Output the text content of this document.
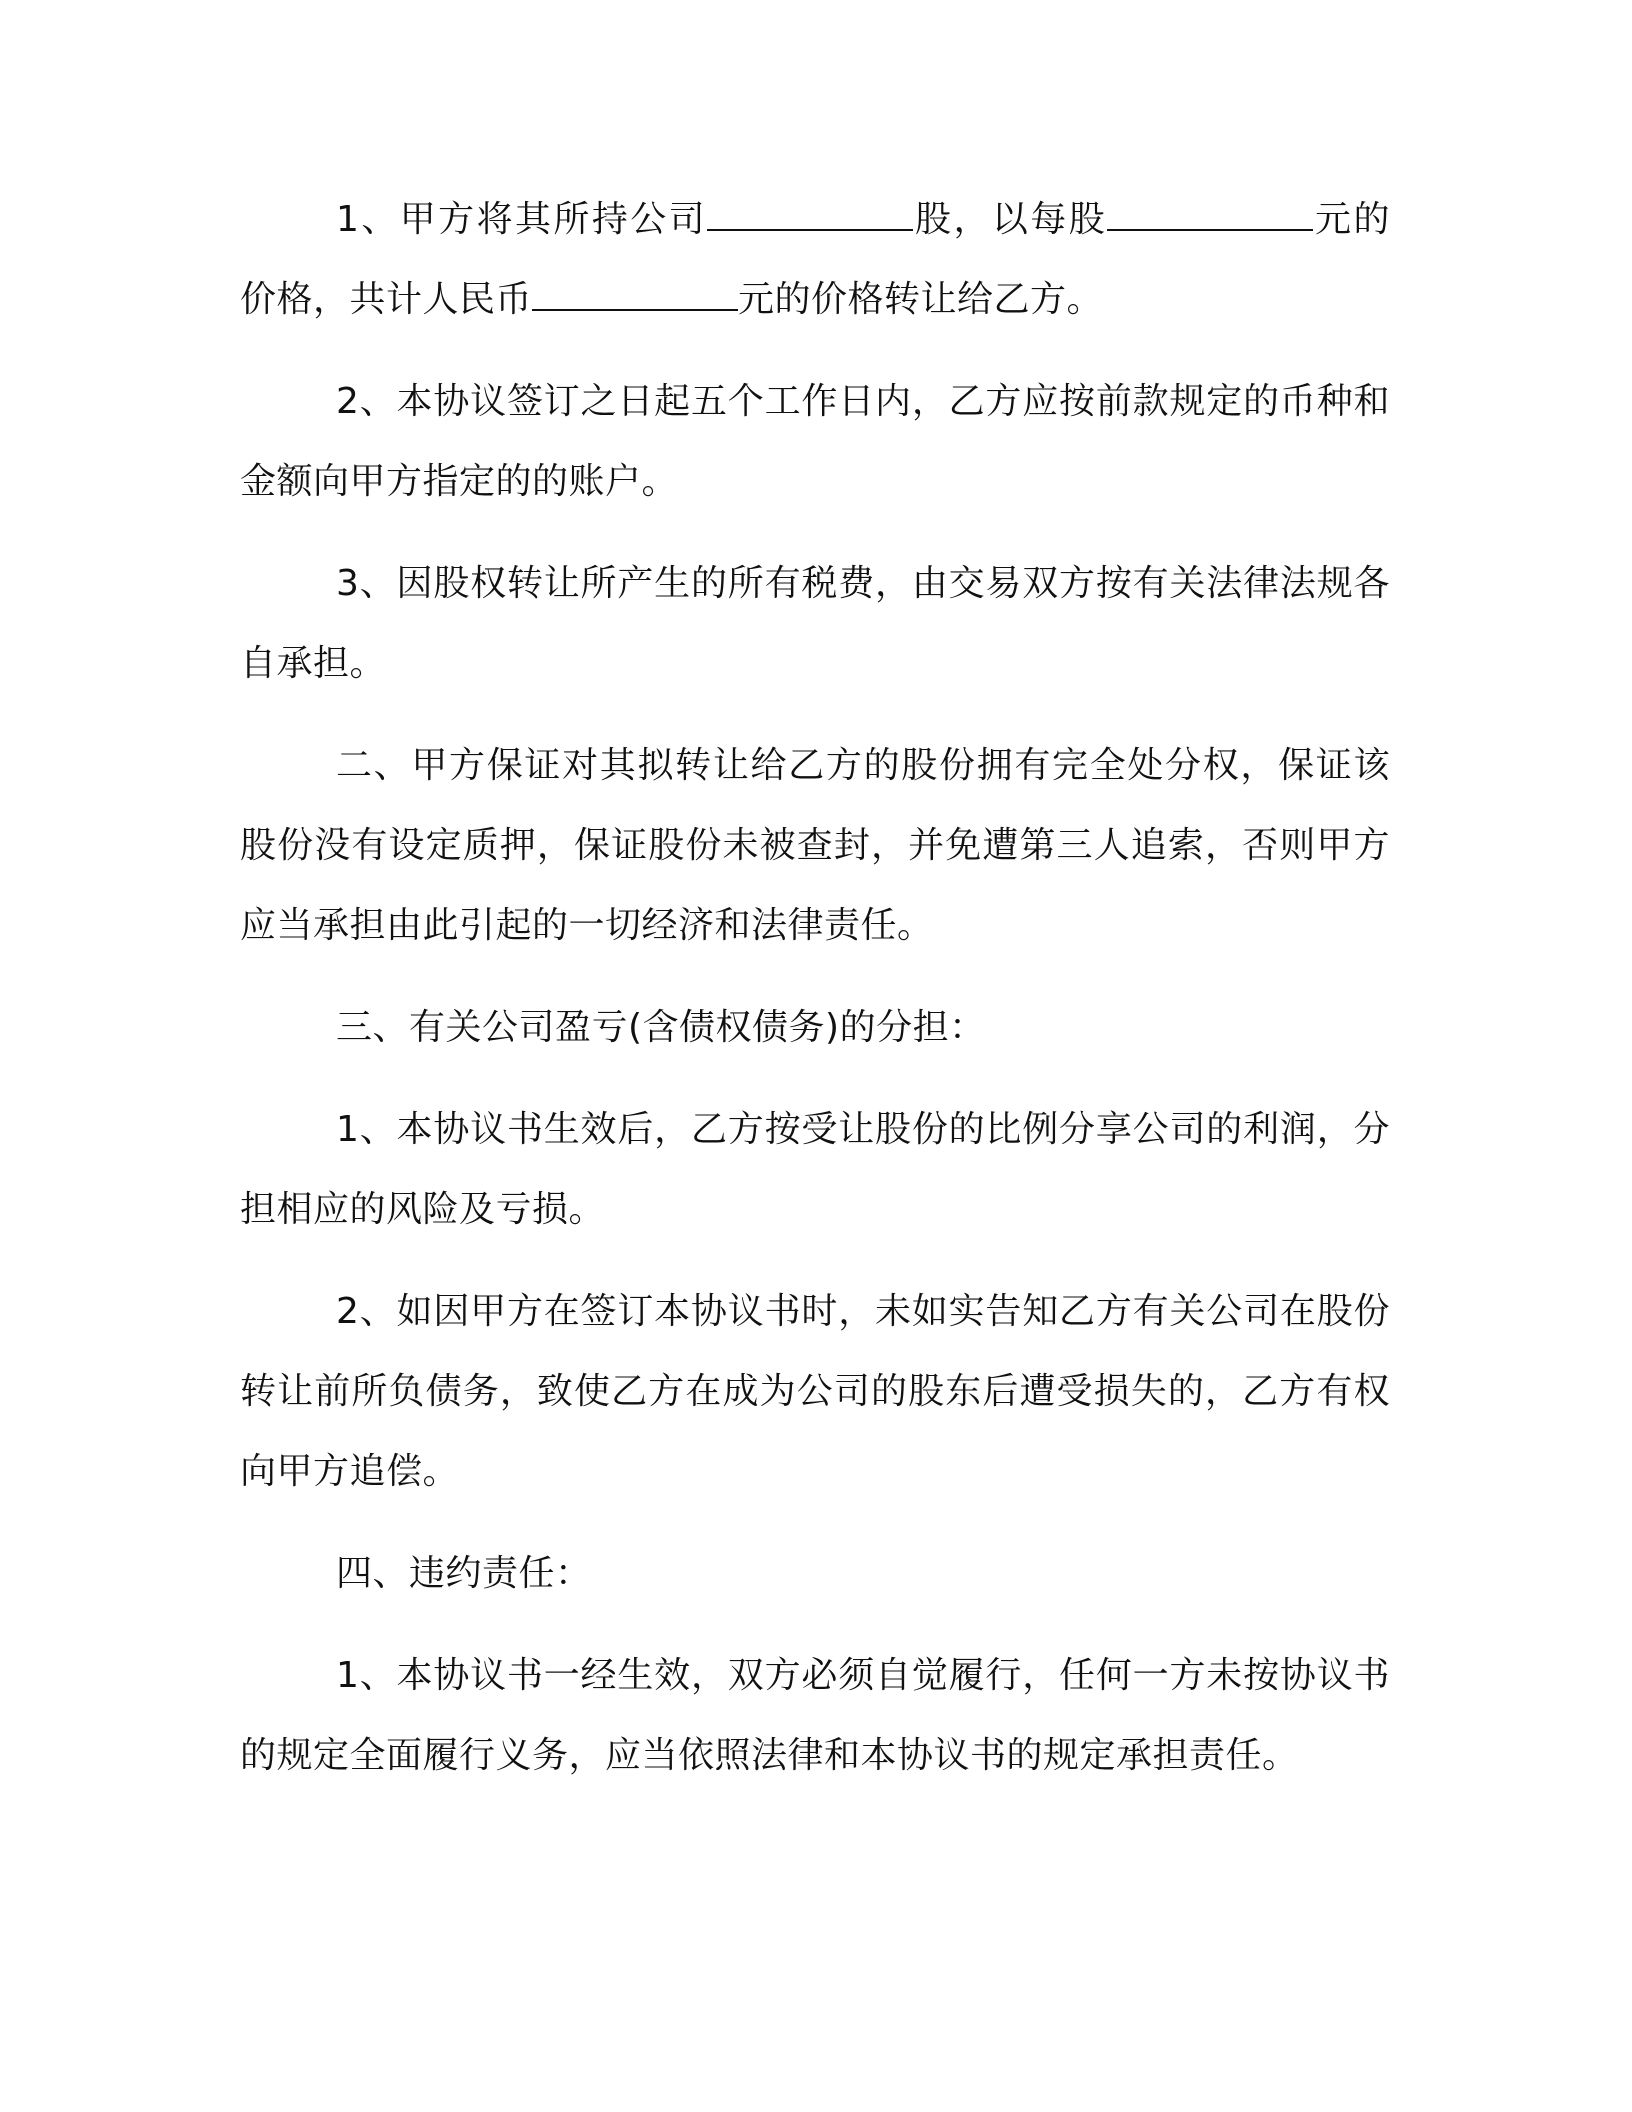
1、甲方将其所持公司	股，以每股	元的价格，共计人民币	元的价格转让给乙方。

2、本协议签订之日起五个工作日内，乙方应按前款规定的币种和金额向甲方指定的的账户。

3、因股权转让所产生的所有税费，由交易双方按有关法律法规各自承担。

二、甲方保证对其拟转让给乙方的股份拥有完全处分权，保证该股份没有设定质押，保证股份未被查封，并免遭第三人追索，否则甲方应当承担由此引起的一切经济和法律责任。

三、有关公司盈亏(含债权债务)的分担：

1、本协议书生效后，乙方按受让股份的比例分享公司的利润，分担相应的风险及亏损。

2、如因甲方在签订本协议书时，未如实告知乙方有关公司在股份转让前所负债务，致使乙方在成为公司的股东后遭受损失的，乙方有权向甲方追偿。

四、违约责任：

1、本协议书一经生效，双方必须自觉履行，任何一方未按协议书的规定全面履行义务，应当依照法律和本协议书的规定承担责任。
